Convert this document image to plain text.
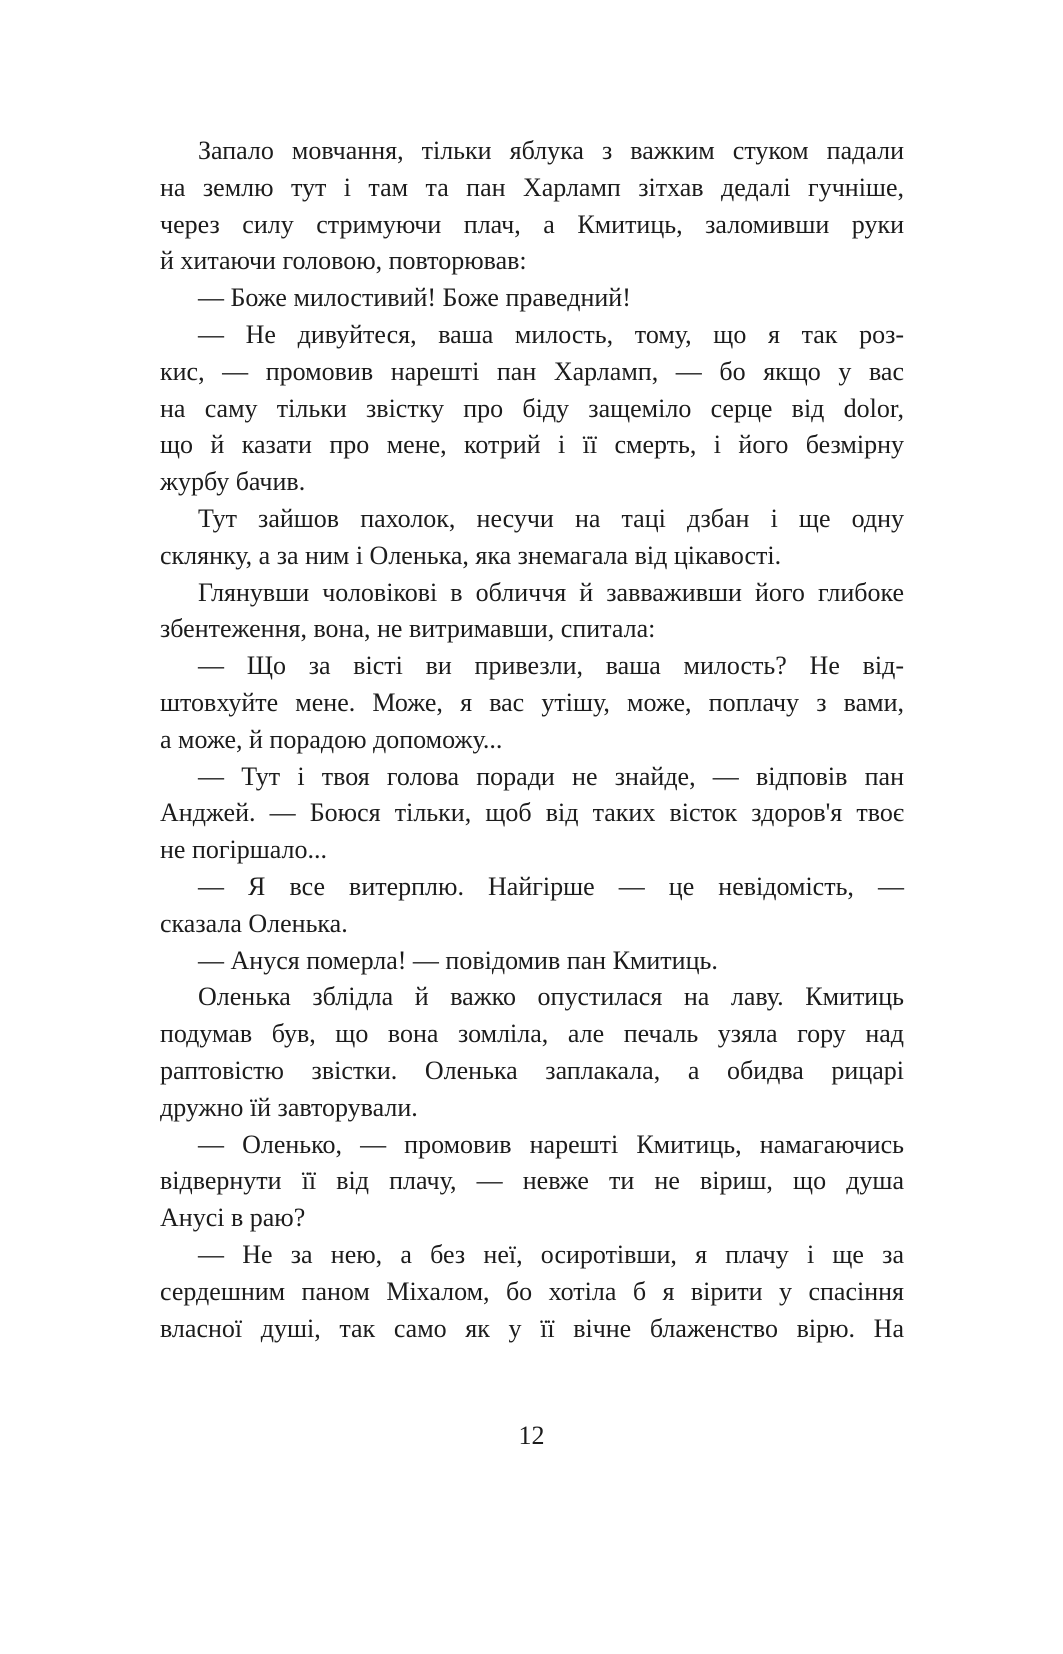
Запало мовчання, тільки яблука з важким стуком падали
на землю тут і там та пан Харламп зітхав дедалі гучніше,
через силу стримуючи плач, а Кмитиць, заломивши руки
й хитаючи головою, повторював:
— Боже милостивий! Боже праведний!
— Не дивуйтеся, ваша милость, тому, що я так роз-
кис, — промовив нарешті пан Харламп, — бо якщо у вас
на саму тільки звістку про біду защеміло серце від dolor,
що й казати про мене, котрий і її смерть, і його безмірну
журбу бачив.
Тут зайшов пахолок, несучи на таці дзбан і ще одну
склянку, а за ним і Оленька, яка знемагала від цікавості.
Глянувши чоловікові в обличчя й завваживши його глибоке
збентеження, вона, не витримавши, спитала:
— Що за вісті ви привезли, ваша милость? Не від-
штовхуйте мене. Може, я вас утішу, може, поплачу з вами,
а може, й порадою допоможу...
— Тут і твоя голова поради не знайде, — відповів пан
Анджей. — Боюся тільки, щоб від таких вісток здоров'я твоє
не погіршало...
— Я все витерплю. Найгірше — це невідомість, —
сказала Оленька.
— Ануся померла! — повідомив пан Кмитиць.
Оленька зблідла й важко опустилася на лаву. Кмитиць
подумав був, що вона зомліла, але печаль узяла гору над
раптовістю звістки. Оленька заплакала, а обидва рицарі
дружно їй завторували.
— Оленько, — промовив нарешті Кмитиць, намагаючись
відвернути її від плачу, — невже ти не віриш, що душа
Анусі в раю?
— Не за нею, а без неї, осиротівши, я плачу і ще за
сердешним паном Міхалом, бо хотіла б я вірити у спасіння
власної душі, так само як у її вічне блаженство вірю. На
12
